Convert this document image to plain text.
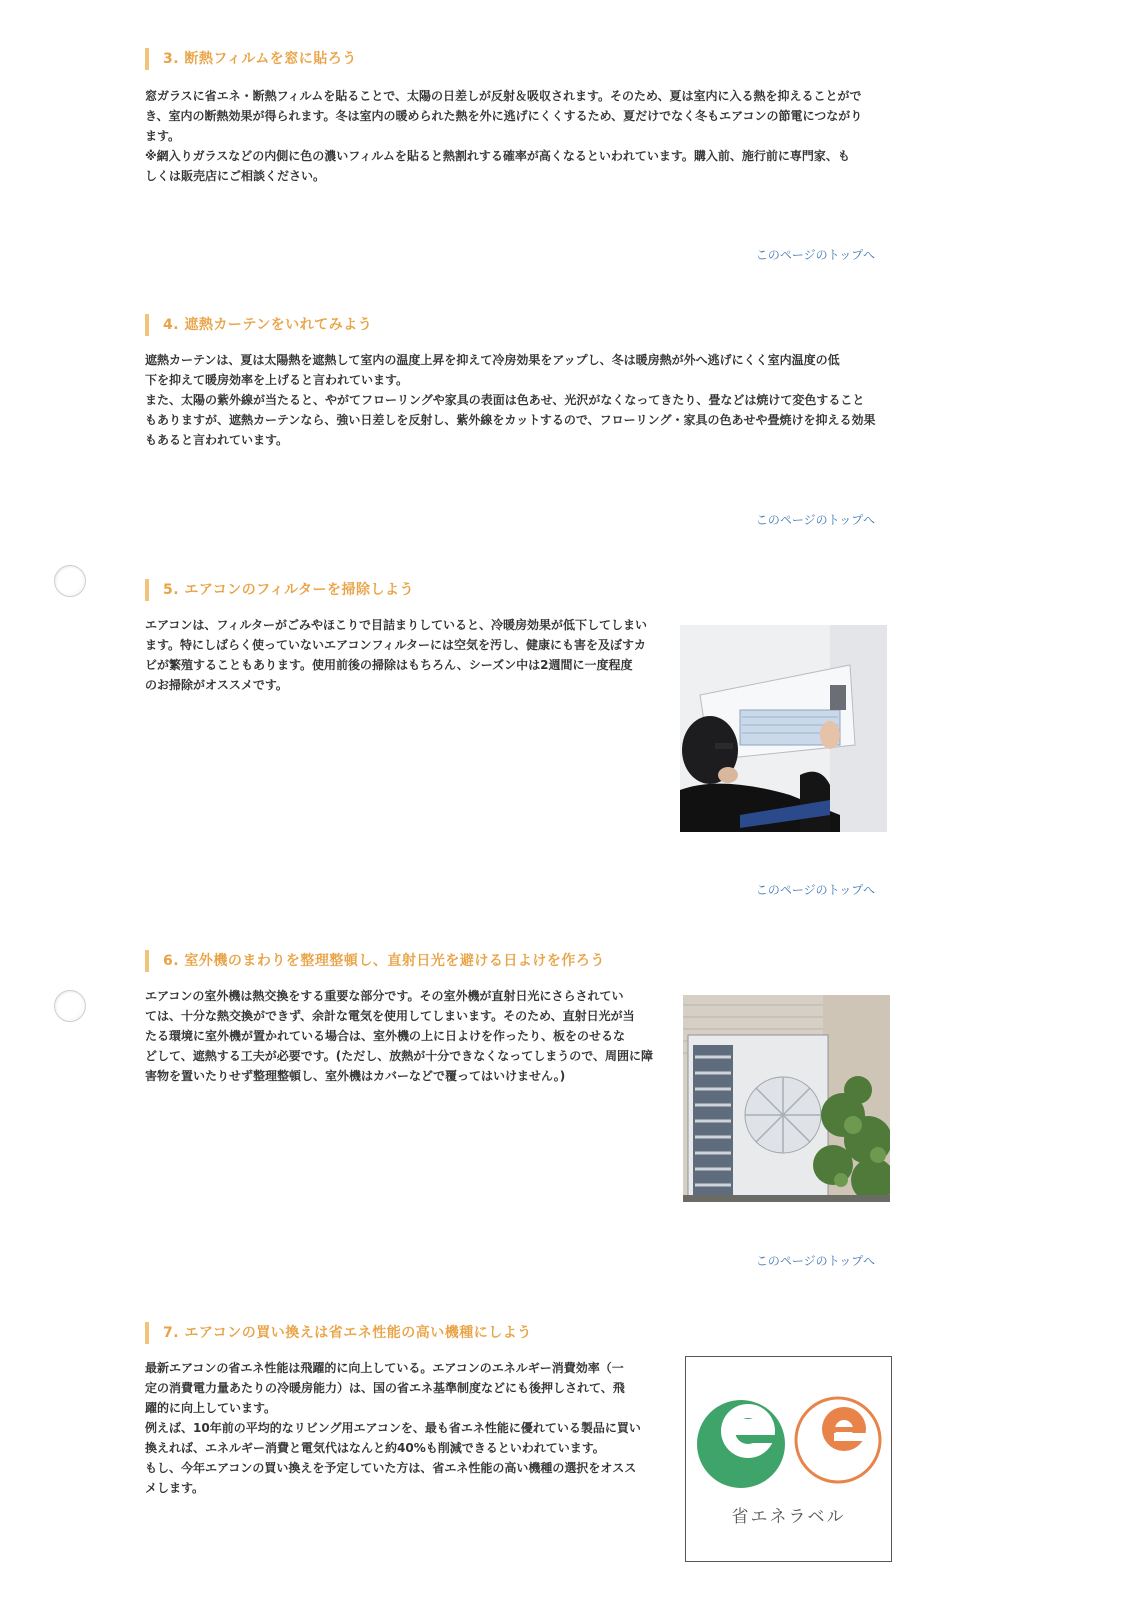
3. 断熱フィルムを窓に貼ろう

窓ガラスに省エネ・断熱フィルムを貼ることで、太陽の日差しが反射＆吸収されます。そのため、夏は室内に入る熱を抑えることがで
き、室内の断熱効果が得られます。冬は室内の暖められた熱を外に逃げにくくするため、夏だけでなく冬もエアコンの節電につながり
ます。
※網入りガラスなどの内側に色の濃いフィルムを貼ると熱割れする確率が高くなるといわれています。購入前、施行前に専門家、も
しくは販売店にご相談ください。

このページのトップへ
4. 遮熱カーテンをいれてみよう

遮熱カーテンは、夏は太陽熱を遮熱して室内の温度上昇を抑えて冷房効果をアップし、冬は暖房熱が外へ逃げにくく室内温度の低
下を抑えて暖房効率を上げると言われています。
また、太陽の紫外線が当たると、やがてフローリングや家具の表面は色あせ、光沢がなくなってきたり、畳などは焼けて変色すること
もありますが、遮熱カーテンなら、強い日差しを反射し、紫外線をカットするので、フローリング・家具の色あせや畳焼けを抑える効果
もあると言われています。

このページのトップへ
5. エアコンのフィルターを掃除しよう

エアコンは、フィルターがごみやほこりで目詰まりしていると、冷暖房効果が低下してしまい
ます。特にしばらく使っていないエアコンフィルターには空気を汚し、健康にも害を及ぼすカ
ビが繁殖することもあります。使用前後の掃除はもちろん、シーズン中は2週間に一度程度
のお掃除がオススメです。

このページのトップへ
6. 室外機のまわりを整理整頓し、直射日光を避ける日よけを作ろう

エアコンの室外機は熱交換をする重要な部分です。その室外機が直射日光にさらされてい
ては、十分な熱交換ができず、余計な電気を使用してしまいます。そのため、直射日光が当
たる環境に室外機が置かれている場合は、室外機の上に日よけを作ったり、板をのせるな
どして、遮熱する工夫が必要です。(ただし、放熱が十分できなくなってしまうので、周囲に障
害物を置いたりせず整理整頓し、室外機はカバーなどで覆ってはいけません。)

このページのトップへ
7. エアコンの買い換えは省エネ性能の高い機種にしよう

最新エアコンの省エネ性能は飛躍的に向上している。エアコンのエネルギー消費効率（一
定の消費電力量あたりの冷暖房能力）は、国の省エネ基準制度などにも後押しされて、飛
躍的に向上しています。
例えば、10年前の平均的なリビング用エアコンを、最も省エネ性能に優れている製品に買い
換えれば、エネルギー消費と電気代はなんと約40%も削減できるといわれています。
もし、今年エアコンの買い換えを予定していた方は、省エネ性能の高い機種の選択をオスス
メします。

省エネラベル
